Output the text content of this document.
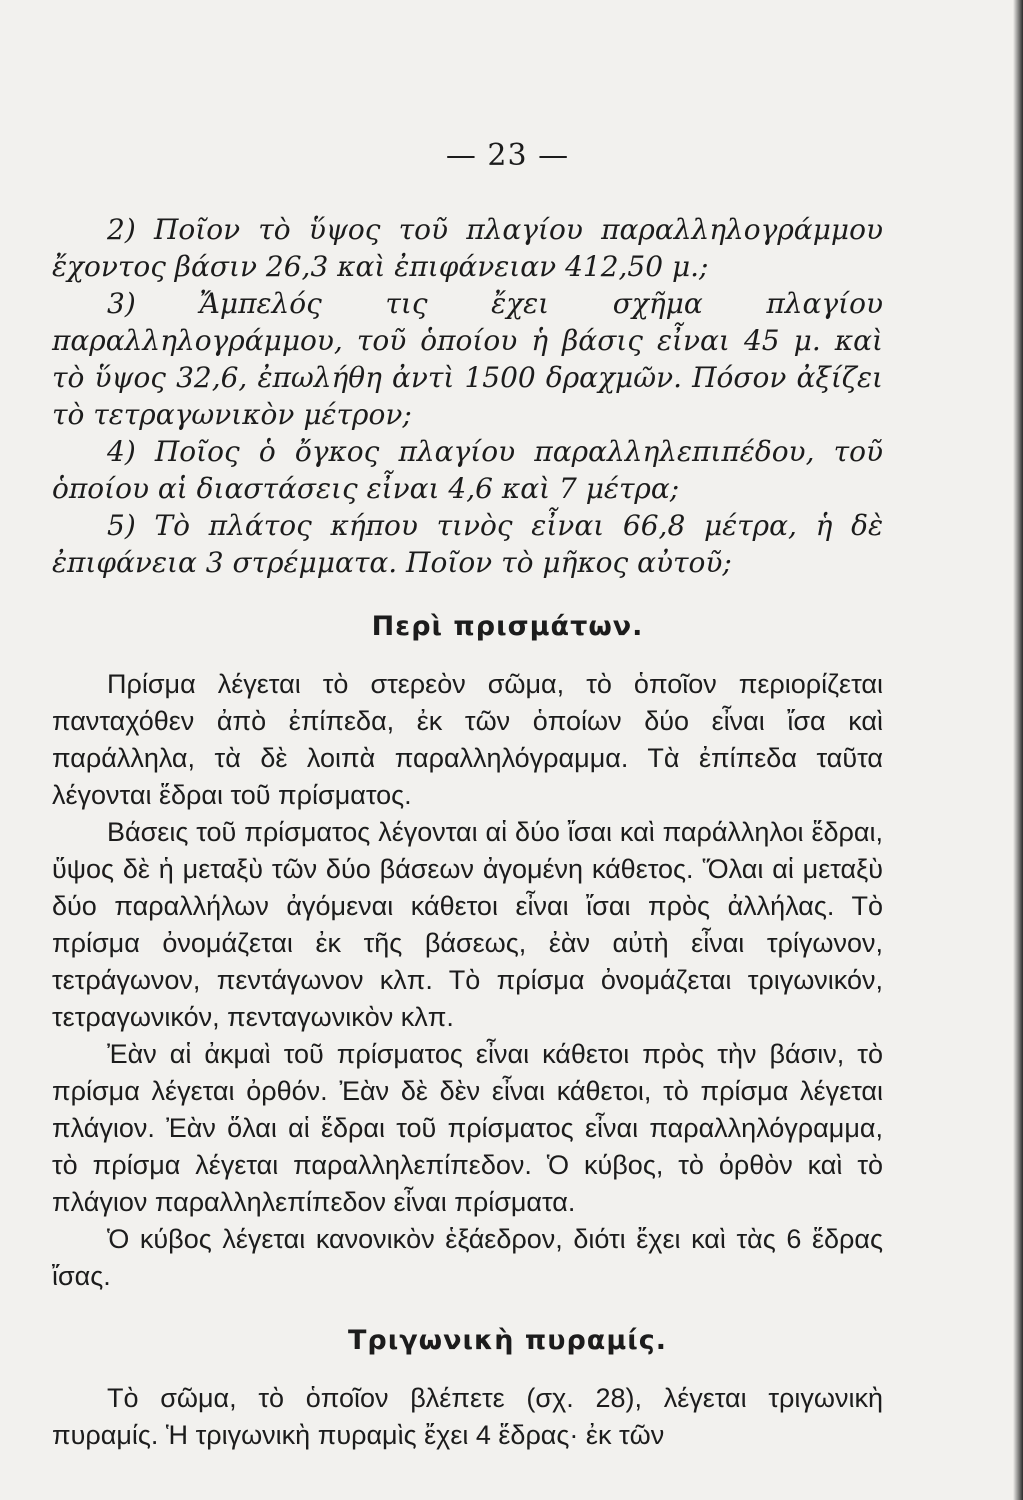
— 23 —

2) Ποῖον τὸ ὕψος τοῦ πλαγίου παραλληλογράμμου ἔχοντος βάσιν 26,3 καὶ ἐπιφάνειαν 412,50 μ.;

3) Ἄμπελός τις ἔχει σχῆμα πλαγίου παραλληλογράμμου, τοῦ ὁποίου ἡ βάσις εἶναι 45 μ. καὶ τὸ ὕψος 32,6, ἐπωλήθη ἀντὶ 1500 δραχμῶν. Πόσον ἀξίζει τὸ τετραγωνικὸν μέτρον;

4) Ποῖος ὁ ὄγκος πλαγίου παραλληλεπιπέδου, τοῦ ὁποίου αἱ διαστάσεις εἶναι 4,6 καὶ 7 μέτρα;

5) Τὸ πλάτος κήπου τινὸς εἶναι 66,8 μέτρα, ἡ δὲ ἐπιφάνεια 3 στρέμματα. Ποῖον τὸ μῆκος αὐτοῦ;

Περὶ πρισμάτων.

Πρίσμα λέγεται τὸ στερεὸν σῶμα, τὸ ὁποῖον περιορίζεται πανταχόθεν ἀπὸ ἐπίπεδα, ἐκ τῶν ὁποίων δύο εἶναι ἴσα καὶ παράλληλα, τὰ δὲ λοιπὰ παραλληλόγραμμα. Τὰ ἐπίπεδα ταῦτα λέγονται ἕδραι τοῦ πρίσματος.

Βάσεις τοῦ πρίσματος λέγονται αἱ δύο ἴσαι καὶ παράλληλοι ἕδραι, ὕψος δὲ ἡ μεταξὺ τῶν δύο βάσεων ἀγομένη κάθετος. Ὅλαι αἱ μεταξὺ δύο παραλλήλων ἀγόμεναι κάθετοι εἶναι ἴσαι πρὸς ἀλλήλας. Τὸ πρίσμα ὀνομάζεται ἐκ τῆς βάσεως, ἐὰν αὐτὴ εἶναι τρίγωνον, τετράγωνον, πεντάγωνον κλπ. Τὸ πρίσμα ὀνομάζεται τριγωνικόν, τετραγωνικόν, πενταγωνικὸν κλπ.

Ἐὰν αἱ ἀκμαὶ τοῦ πρίσματος εἶναι κάθετοι πρὸς τὴν βάσιν, τὸ πρίσμα λέγεται ὀρθόν. Ἐὰν δὲ δὲν εἶναι κάθετοι, τὸ πρίσμα λέγεται πλάγιον. Ἐὰν ὅλαι αἱ ἕδραι τοῦ πρίσματος εἶναι παραλληλόγραμμα, τὸ πρίσμα λέγεται παραλληλεπίπεδον. Ὁ κύβος, τὸ ὀρθὸν καὶ τὸ πλάγιον παραλληλεπίπεδον εἶναι πρίσματα.

Ὁ κύβος λέγεται κανονικὸν ἑξάεδρον, διότι ἔχει καὶ τὰς 6 ἕδρας ἴσας.

Τριγωνικὴ πυραμίς.

Τὸ σῶμα, τὸ ὁποῖον βλέπετε (σχ. 28), λέγεται τριγωνικὴ πυραμίς. Ἡ τριγωνικὴ πυραμὶς ἔχει 4 ἕδρας· ἐκ τῶν
